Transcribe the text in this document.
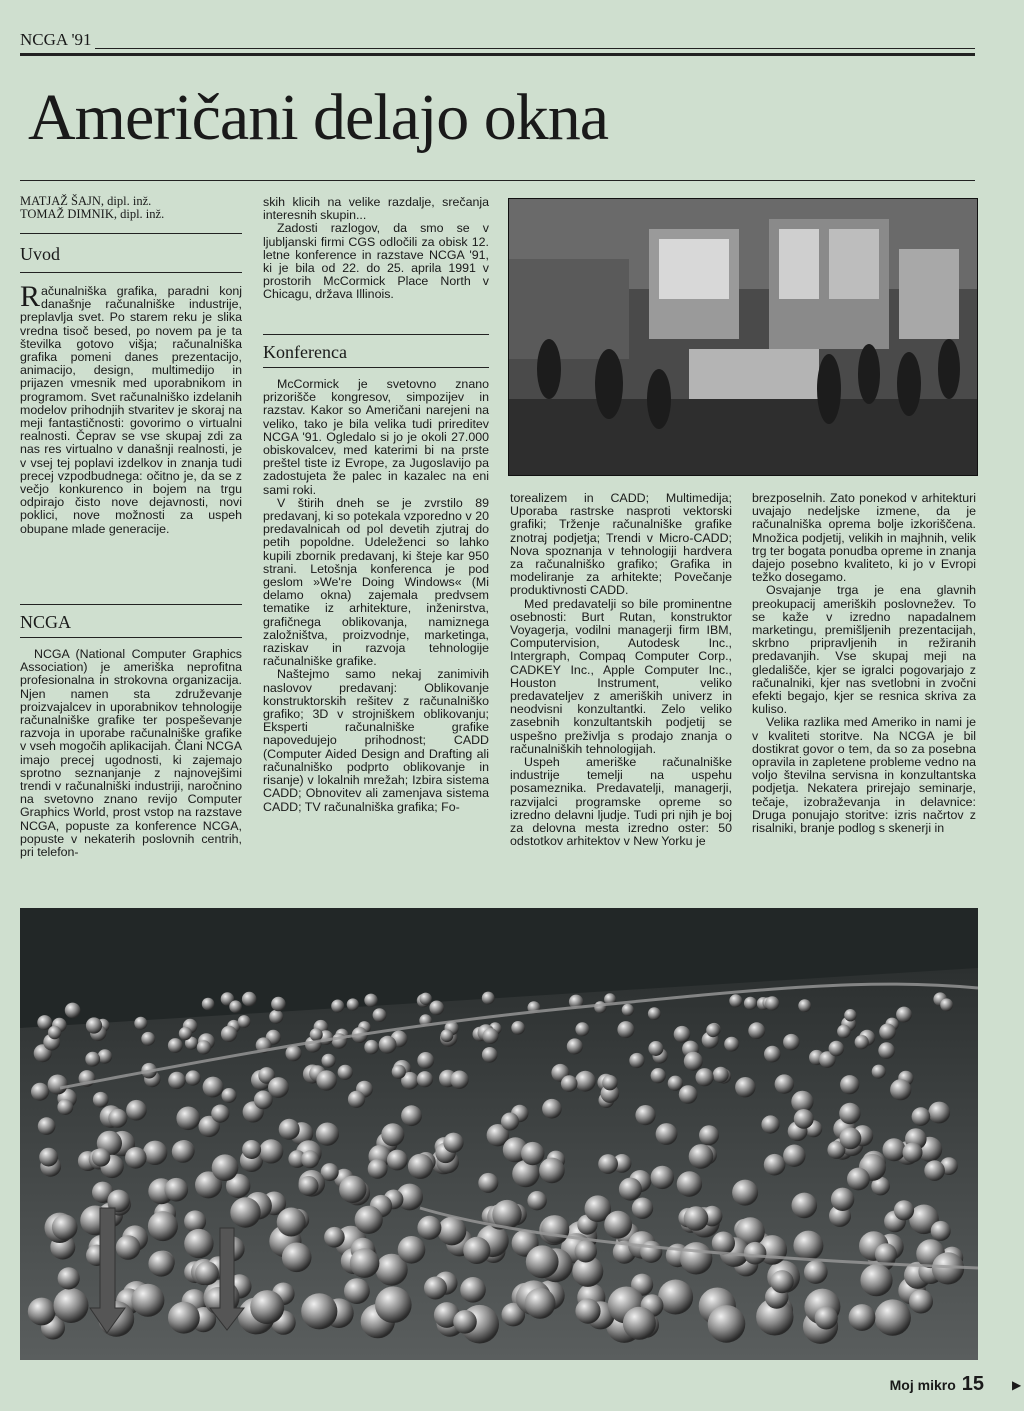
NCGA '91
Američani delajo okna
MATJAŽ ŠAJN, dipl. inž.
TOMAŽ DIMNIK, dipl. inž.
Uvod

Računalniška grafika, paradni konj današnje računalniške industrije, preplavlja svet. Po starem reku je slika vredna tisoč besed, po novem pa je ta številka gotovo višja; računalniška grafika pomeni danes prezentacijo, animacijo, design, multimedijo in prijazen vmesnik med uporabnikom in programom. Svet računalniško izdelanih modelov prihodnjih stvaritev je skoraj na meji fantastičnosti: govorimo o virtualni realnosti. Čeprav se vse skupaj zdi za nas res virtualno v današnji realnosti, je v vsej tej poplavi izdelkov in znanja tudi precej vzpodbudnega: očitno je, da se z večjo konkurenco in bojem na trgu odpirajo čisto nove dejavnosti, novi poklici, nove možnosti za uspeh obupane mlade generacije.

NCGA

NCGA (National Computer Graphics Association) je ameriška neprofitna profesionalna in strokovna organizacija. Njen namen sta združevanje proizvajalcev in uporabnikov tehnologije računalniške grafike ter pospeševanje razvoja in uporabe računalniške grafike v vseh mogočih aplikacijah. Člani NCGA imajo precej ugodnosti, ki zajemajo sprotno seznanjanje z najnovejšimi trendi v računalniški industriji, naročnino na svetovno znano revijo Computer Graphics World, prost vstop na razstave NCGA, popuste za konference NCGA, popuste v nekaterih poslovnih centrih, pri telefon-

skih klicih na velike razdalje, srečanja interesnih skupin...

Zadosti razlogov, da smo se v ljubljanski firmi CGS odločili za obisk 12. letne konference in razstave NCGA '91, ki je bila od 22. do 25. aprila 1991 v prostorih McCormick Place North v Chicagu, država Illinois.

Konferenca

McCormick je svetovno znano prizorišče kongresov, simpozijev in razstav. Kakor so Američani narejeni na veliko, tako je bila velika tudi prireditev NCGA '91. Ogledalo si jo je okoli 27.000 obiskovalcev, med katerimi bi na prste preštel tiste iz Evrope, za Jugoslavijo pa zadostujeta že palec in kazalec na eni sami roki.

V štirih dneh se je zvrstilo 89 predavanj, ki so potekala vzporedno v 20 predavalnicah od pol devetih zjutraj do petih popoldne. Udeleženci so lahko kupili zbornik predavanj, ki šteje kar 950 strani. Letošnja konferenca je pod geslom »We're Doing Windows« (Mi delamo okna) zajemala predvsem tematike iz arhitekture, inženirstva, grafičnega oblikovanja, namiznega založništva, proizvodnje, marketinga, raziskav in razvoja tehnologije računalniške grafike.

Naštejmo samo nekaj zanimivih naslovov predavanj: Oblikovanje konstruktorskih rešitev z računalniško grafiko; 3D v strojniškem oblikovanju; Eksperti računalniške grafike napovedujejo prihodnost; CADD (Computer Aided Design and Drafting ali računalniško podprto oblikovanje in risanje) v lokalnih mrežah; Izbira sistema CADD; Obnovitev ali zamenjava sistema CADD; TV računalniška grafika; Fo-

torealizem in CADD; Multimedija; Uporaba rastrske nasproti vektorski grafiki; Trženje računalniške grafike znotraj podjetja; Trendi v Micro-CADD; Nova spoznanja v tehnologiji hardvera za računalniško grafiko; Grafika in modeliranje za arhitekte; Povečanje produktivnosti CADD.

Med predavatelji so bile prominentne osebnosti: Burt Rutan, konstruktor Voyagerja, vodilni managerji firm IBM, Computervision, Autodesk Inc., Intergraph, Compaq Computer Corp., CADKEY Inc., Apple Computer Inc., Houston Instrument, veliko predavateljev z ameriških univerz in neodvisni konzultantki. Zelo veliko zasebnih konzultantskih podjetij se uspešno preživlja s prodajo znanja o računalniških tehnologijah.

Uspeh ameriške računalniške industrije temelji na uspehu posameznika. Predavatelji, managerji, razvijalci programske opreme so izredno delavni ljudje. Tudi pri njih je boj za delovna mesta izredno oster: 50 odstotkov arhitektov v New Yorku je

brezposelnih. Zato ponekod v arhitekturi uvajajo nedeljske izmene, da je računalniška oprema bolje izkoriščena. Množica podjetij, velikih in majhnih, velik trg ter bogata ponudba opreme in znanja dajejo posebno kvaliteto, ki jo v Evropi težko dosegamo.

Osvajanje trga je ena glavnih preokupacij ameriških poslovnežev. To se kaže v izredno napadalnem marketingu, premišljenih prezentacijah, skrbno pripravljenih in režiranih predavanjih. Vse skupaj meji na gledališče, kjer se igralci pogovarjajo z računalniki, kjer nas svetlobni in zvočni efekti begajo, kjer se resnica skriva za kuliso.

Velika razlika med Ameriko in nami je v kvaliteti storitve. Na NCGA je bil dostikrat govor o tem, da so za posebna opravila in zapletene probleme vedno na voljo številna servisna in konzultantska podjetja. Nekatera prirejajo seminarje, tečaje, izobraževanja in delavnice: Druga ponujajo storitve: izris načrtov z risalniki, branje podlog s skenerji in

Moj mikro 15 ▶
